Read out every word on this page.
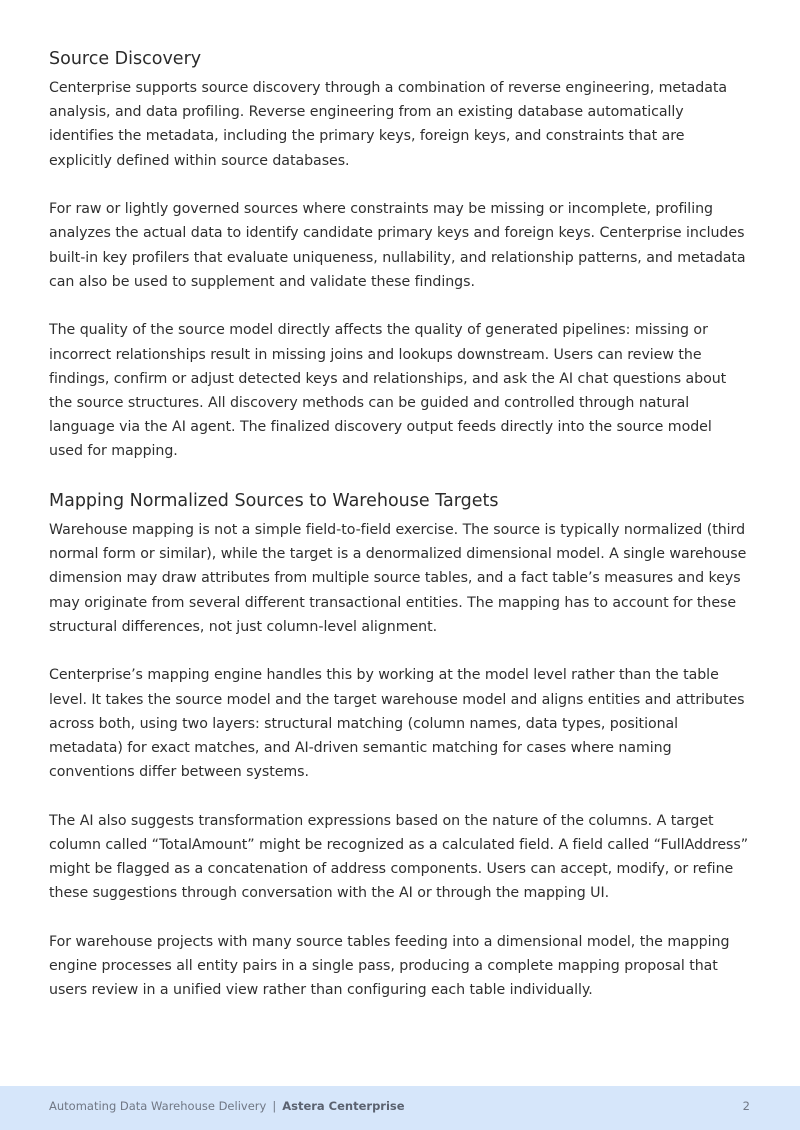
Source Discovery

Centerprise supports source discovery through a combination of reverse engineering, metadata analysis, and data profiling. Reverse engineering from an existing database automatically identifies the metadata, including the primary keys, foreign keys, and constraints that are explicitly defined within source databases.

For raw or lightly governed sources where constraints may be missing or incomplete, profiling analyzes the actual data to identify candidate primary keys and foreign keys. Centerprise includes built-in key profilers that evaluate uniqueness, nullability, and relationship patterns, and metadata can also be used to supplement and validate these findings.

The quality of the source model directly affects the quality of generated pipelines: missing or incorrect relationships result in missing joins and lookups downstream. Users can review the findings, confirm or adjust detected keys and relationships, and ask the AI chat questions about the source structures. All discovery methods can be guided and controlled through natural language via the AI agent. The finalized discovery output feeds directly into the source model used for mapping.

Mapping Normalized Sources to Warehouse Targets

Warehouse mapping is not a simple field-to-field exercise. The source is typically normalized (third normal form or similar), while the target is a denormalized dimensional model. A single warehouse dimension may draw attributes from multiple source tables, and a fact table’s measures and keys may originate from several different transactional entities. The mapping has to account for these structural differences, not just column-level alignment.

Centerprise’s mapping engine handles this by working at the model level rather than the table level. It takes the source model and the target warehouse model and aligns entities and attributes across both, using two layers: structural matching (column names, data types, positional metadata) for exact matches, and AI-driven semantic matching for cases where naming conventions differ between systems.

The AI also suggests transformation expressions based on the nature of the columns. A target column called “TotalAmount” might be recognized as a calculated field. A field called “FullAddress” might be flagged as a concatenation of address components. Users can accept, modify, or refine these suggestions through conversation with the AI or through the mapping UI.

For warehouse projects with many source tables feeding into a dimensional model, the mapping engine processes all entity pairs in a single pass, producing a complete mapping proposal that users review in a unified view rather than configuring each table individually.

Automating Data Warehouse Delivery | Astera Centerprise	2
